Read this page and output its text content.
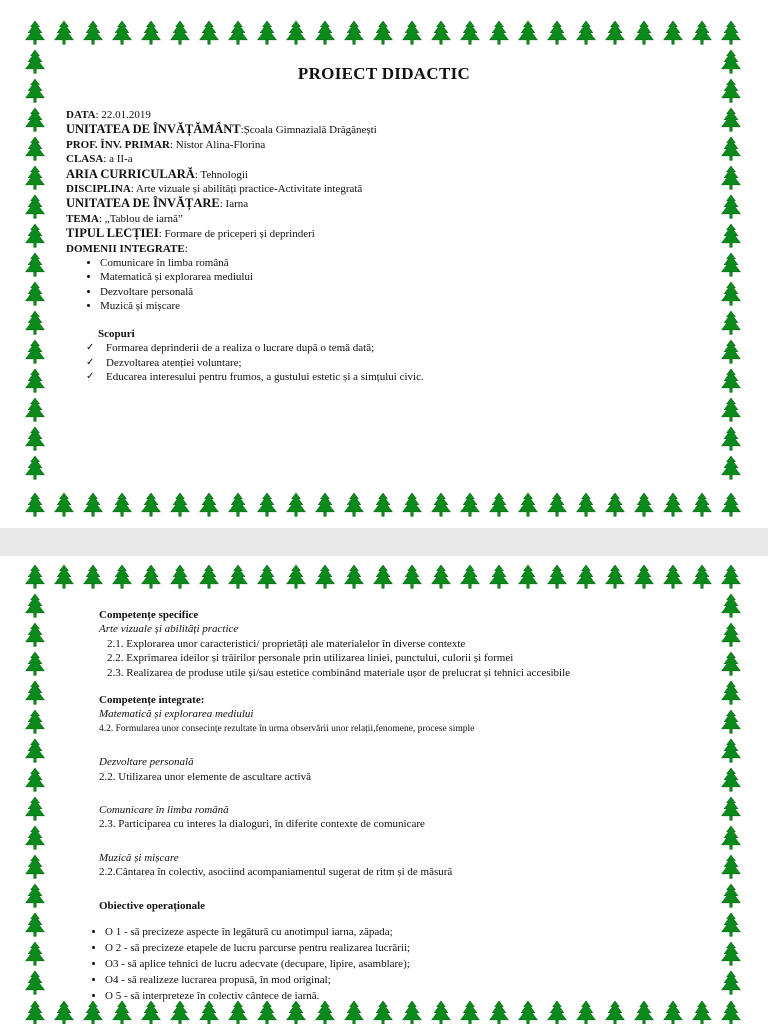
PROIECT DIDACTIC

DATA: 22.01.2019

UNITATEA DE ÎNVĂȚĂMÂNT:Școala Gimnazială Drăgănești

PROF. ÎNV. PRIMAR: Nistor Alina-Florina

CLASA: a II-a

ARIA CURRICULARĂ: Tehnologii

DISCIPLINA: Arte vizuale și abilități practice-Activitate integrată

UNITATEA DE ÎNVĂȚARE: Iarna

TEMA: „Tablou de iarnă”

TIPUL LECȚIEI: Formare de priceperi și deprinderi

DOMENII INTEGRATE:

• Comunicare în limba română
• Matematică și explorarea mediului
• Dezvoltare personală
• Muzică și mișcare

Scopuri

✓ Formarea deprinderii de a realiza o lucrare după o temă dată;
✓ Dezvoltarea atenției voluntare;
✓ Educarea interesului pentru frumos, a gustului estetic și a simțului civic.

Competențe specifice

Arte vizuale și abilități practice

2.1. Explorarea unor caracteristici/ proprietăți ale materialelor în diverse contexte

2.2. Exprimarea ideilor și trăirilor personale prin utilizarea liniei, punctului, culorii și formei

2.3. Realizarea de produse utile și/sau estetice combinând materiale ușor de prelucrat și tehnici accesibile

Competențe integrate:

Matematică și explorarea mediului

4.2. Formularea unor consecințe rezultate în urma observării unor relații,fenomene, procese simple

Dezvoltare personală

2.2. Utilizarea unor elemente de ascultare activă

Comunicare în limba română

2.3. Participarea cu interes la dialoguri, în diferite contexte de comunicare

Muzică și mișcare

2.2.Cântarea în colectiv, asociind acompaniamentul sugerat de ritm și de măsură

Obiective operaționale

• O 1 - să precizeze aspecte în legătură cu anotimpul iarna, zăpada;
• O 2 - să precizeze etapele de lucru parcurse pentru realizarea lucrării;
• O3 - să aplice tehnici de lucru adecvate (decupare, lipire, asamblare);
• O4 - să realizeze lucrarea propusă, în mod original;
• O 5 - să interpreteze în colectiv cântece de iarnă.
